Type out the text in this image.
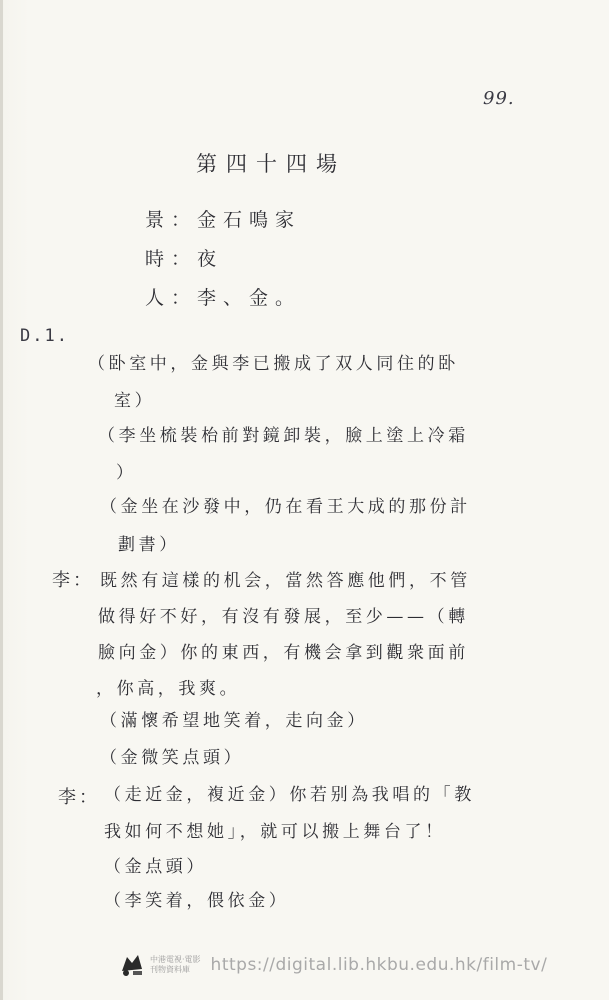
99.
第四十四場
景：金石鳴家
時：夜
人：李、金。
D.1.
（卧室中，金與李已搬成了双人同住的卧
室）
（李坐梳裝枱前對鏡卸裝，臉上塗上冷霜
）
（金坐在沙發中，仍在看王大成的那份計
劃書）
李： 既然有這樣的机会，當然答應他們，不管
做得好不好，有沒有發展，至少——（轉
臉向金）你的東西，有機会拿到觀衆面前
，你高，我爽。
（滿懷希望地笑着，走向金）
（金微笑点頭）
李： （走近金，複近金）你若别為我唱的「教
我如何不想她」，就可以搬上舞台了！
（金点頭）
（李笑着，偎依金）
中港電視·電影
刊物資料庫	https://digital.lib.hkbu.edu.hk/film-tv/
